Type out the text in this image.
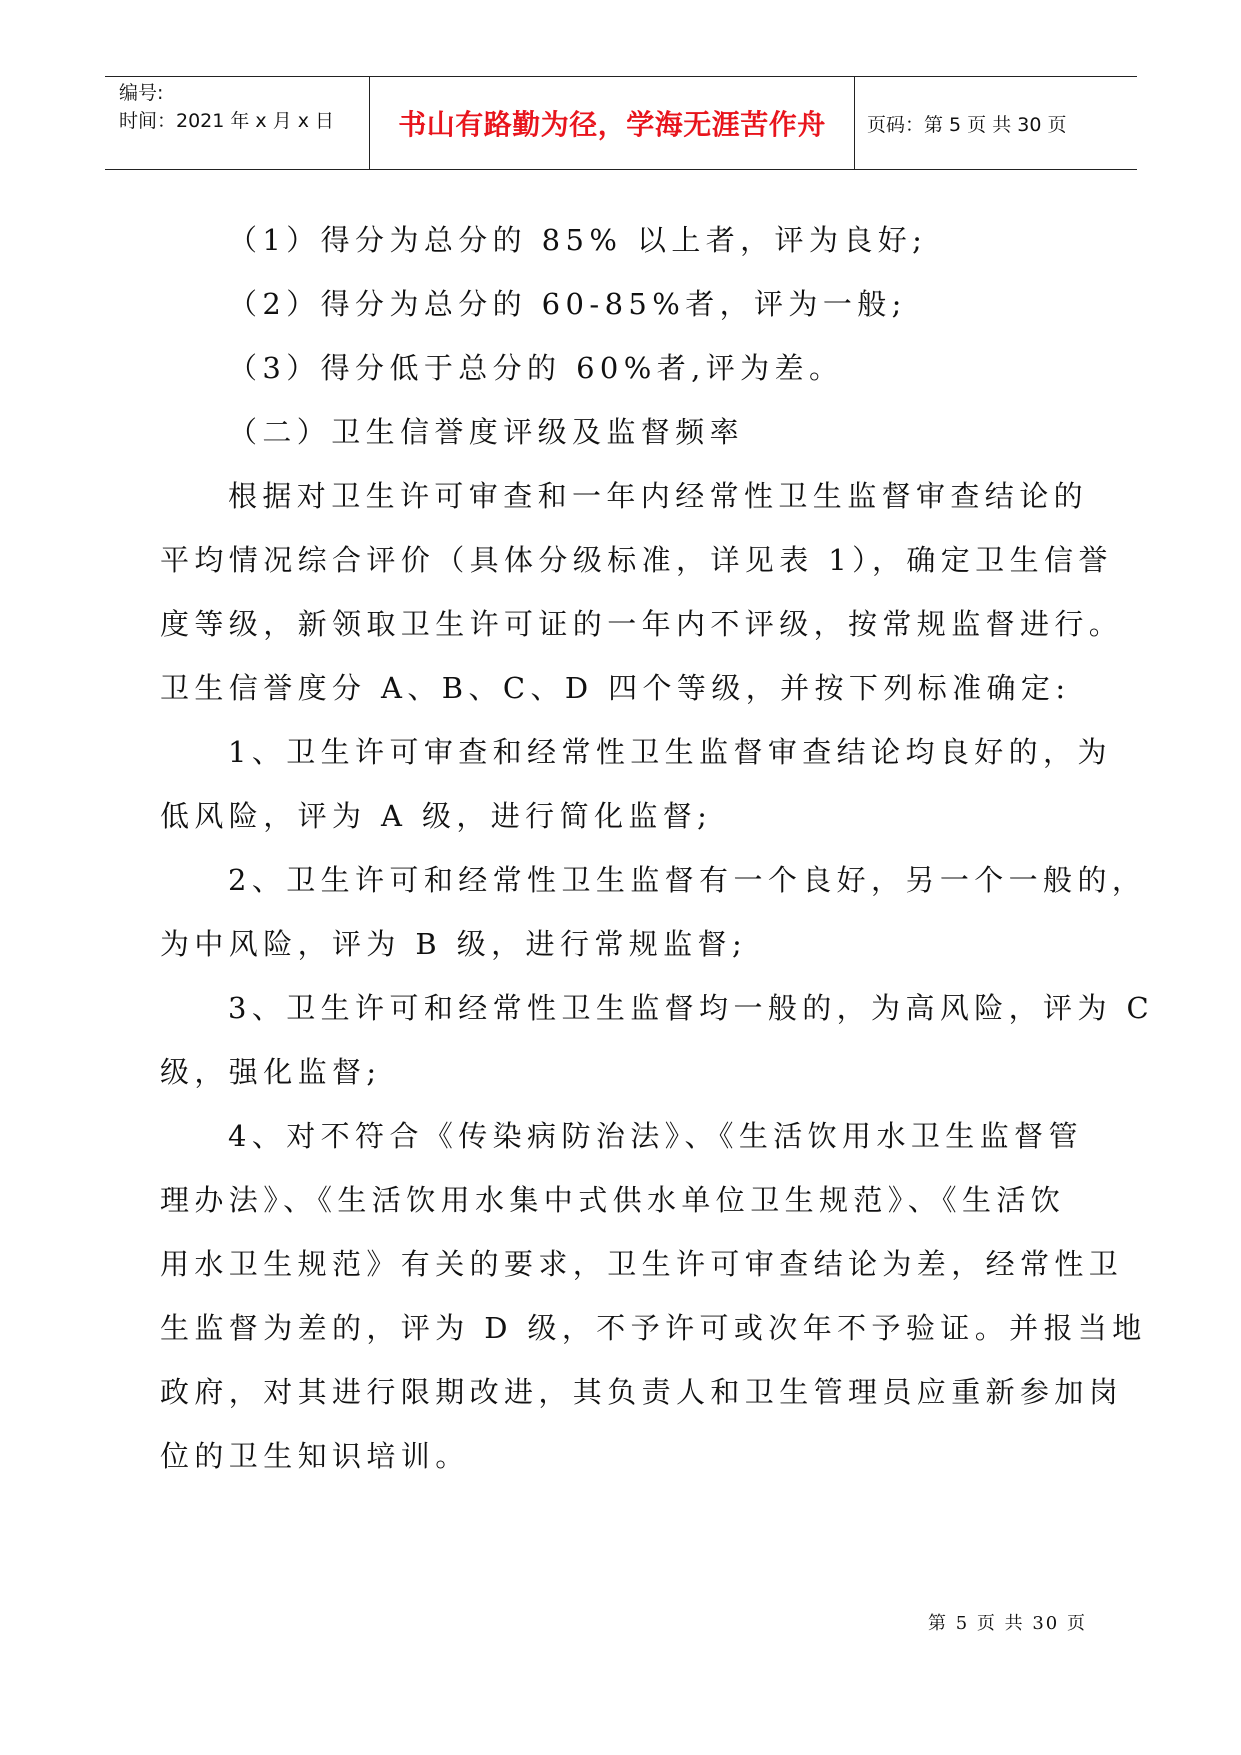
编号:
时间：2021 年 x 月 x 日	书山有路勤为径，学海无涯苦作舟	页码：第 5 页 共 30 页
（1）得分为总分的 85% 以上者，评为良好;
（2）得分为总分的 60-85%者，评为一般;
（3）得分低于总分的 60%者,评为差。
（二）卫生信誉度评级及监督频率
根据对卫生许可审查和一年内经常性卫生监督审查结论的
平均情况综合评价（具体分级标准，详见表 1），确定卫生信誉
度等级，新领取卫生许可证的一年内不评级，按常规监督进行。
卫生信誉度分 A、B、C、D 四个等级，并按下列标准确定:
1、卫生许可审查和经常性卫生监督审查结论均良好的，为
低风险，评为 A 级，进行简化监督;
2、卫生许可和经常性卫生监督有一个良好，另一个一般的，
为中风险，评为 B 级，进行常规监督;
3、卫生许可和经常性卫生监督均一般的，为高风险，评为 C
级，强化监督;
4、对不符合《传染病防治法》、《生活饮用水卫生监督管
理办法》、《生活饮用水集中式供水单位卫生规范》、《生活饮
用水卫生规范》有关的要求，卫生许可审查结论为差，经常性卫
生监督为差的，评为 D 级，不予许可或次年不予验证。并报当地
政府，对其进行限期改进，其负责人和卫生管理员应重新参加岗
位的卫生知识培训。
第 5 页 共 30 页
